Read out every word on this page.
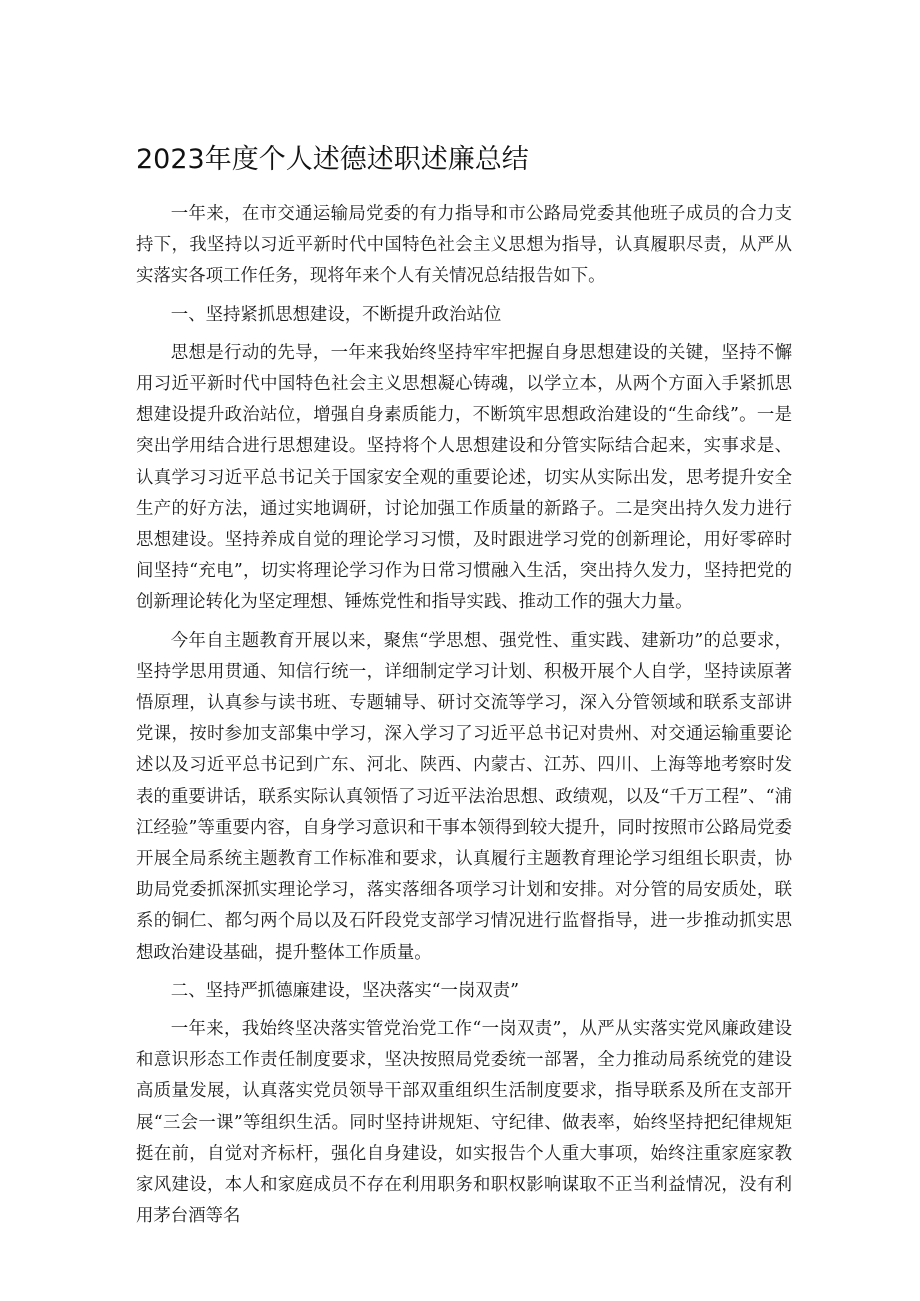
2023年度个人述德述职述廉总结

一年来，在市交通运输局党委的有力指导和市公路局党委其他班子成员的合力支持下，我坚持以习近平新时代中国特色社会主义思想为指导，认真履职尽责，从严从实落实各项工作任务，现将年来个人有关情况总结报告如下。

一、坚持紧抓思想建设，不断提升政治站位

思想是行动的先导，一年来我始终坚持牢牢把握自身思想建设的关键，坚持不懈用习近平新时代中国特色社会主义思想凝心铸魂，以学立本，从两个方面入手紧抓思想建设提升政治站位，增强自身素质能力，不断筑牢思想政治建设的“生命线”。一是突出学用结合进行思想建设。坚持将个人思想建设和分管实际结合起来，实事求是、认真学习习近平总书记关于国家安全观的重要论述，切实从实际出发，思考提升安全生产的好方法，通过实地调研，讨论加强工作质量的新路子。二是突出持久发力进行思想建设。坚持养成自觉的理论学习习惯，及时跟进学习党的创新理论，用好零碎时间坚持“充电”，切实将理论学习作为日常习惯融入生活，突出持久发力，坚持把党的创新理论转化为坚定理想、锤炼党性和指导实践、推动工作的强大力量。

今年自主题教育开展以来，聚焦“学思想、强党性、重实践、建新功”的总要求，坚持学思用贯通、知信行统一，详细制定学习计划、积极开展个人自学，坚持读原著悟原理，认真参与读书班、专题辅导、研讨交流等学习，深入分管领域和联系支部讲党课，按时参加支部集中学习，深入学习了习近平总书记对贵州、对交通运输重要论述以及习近平总书记到广东、河北、陕西、内蒙古、江苏、四川、上海等地考察时发表的重要讲话，联系实际认真领悟了习近平法治思想、政绩观，以及“千万工程”、“浦江经验”等重要内容，自身学习意识和干事本领得到较大提升，同时按照市公路局党委开展全局系统主题教育工作标准和要求，认真履行主题教育理论学习组组长职责，协助局党委抓深抓实理论学习，落实落细各项学习计划和安排。对分管的局安质处，联系的铜仁、都匀两个局以及石阡段党支部学习情况进行监督指导，进一步推动抓实思想政治建设基础，提升整体工作质量。

二、坚持严抓德廉建设，坚决落实“一岗双责”

一年来，我始终坚决落实管党治党工作“一岗双责”，从严从实落实党风廉政建设和意识形态工作责任制度要求，坚决按照局党委统一部署，全力推动局系统党的建设高质量发展，认真落实党员领导干部双重组织生活制度要求，指导联系及所在支部开展“三会一课”等组织生活。同时坚持讲规矩、守纪律、做表率，始终坚持把纪律规矩挺在前，自觉对齐标杆，强化自身建设，如实报告个人重大事项，始终注重家庭家教家风建设，本人和家庭成员不存在利用职务和职权影响谋取不正当利益情况，没有利用茅台酒等名
